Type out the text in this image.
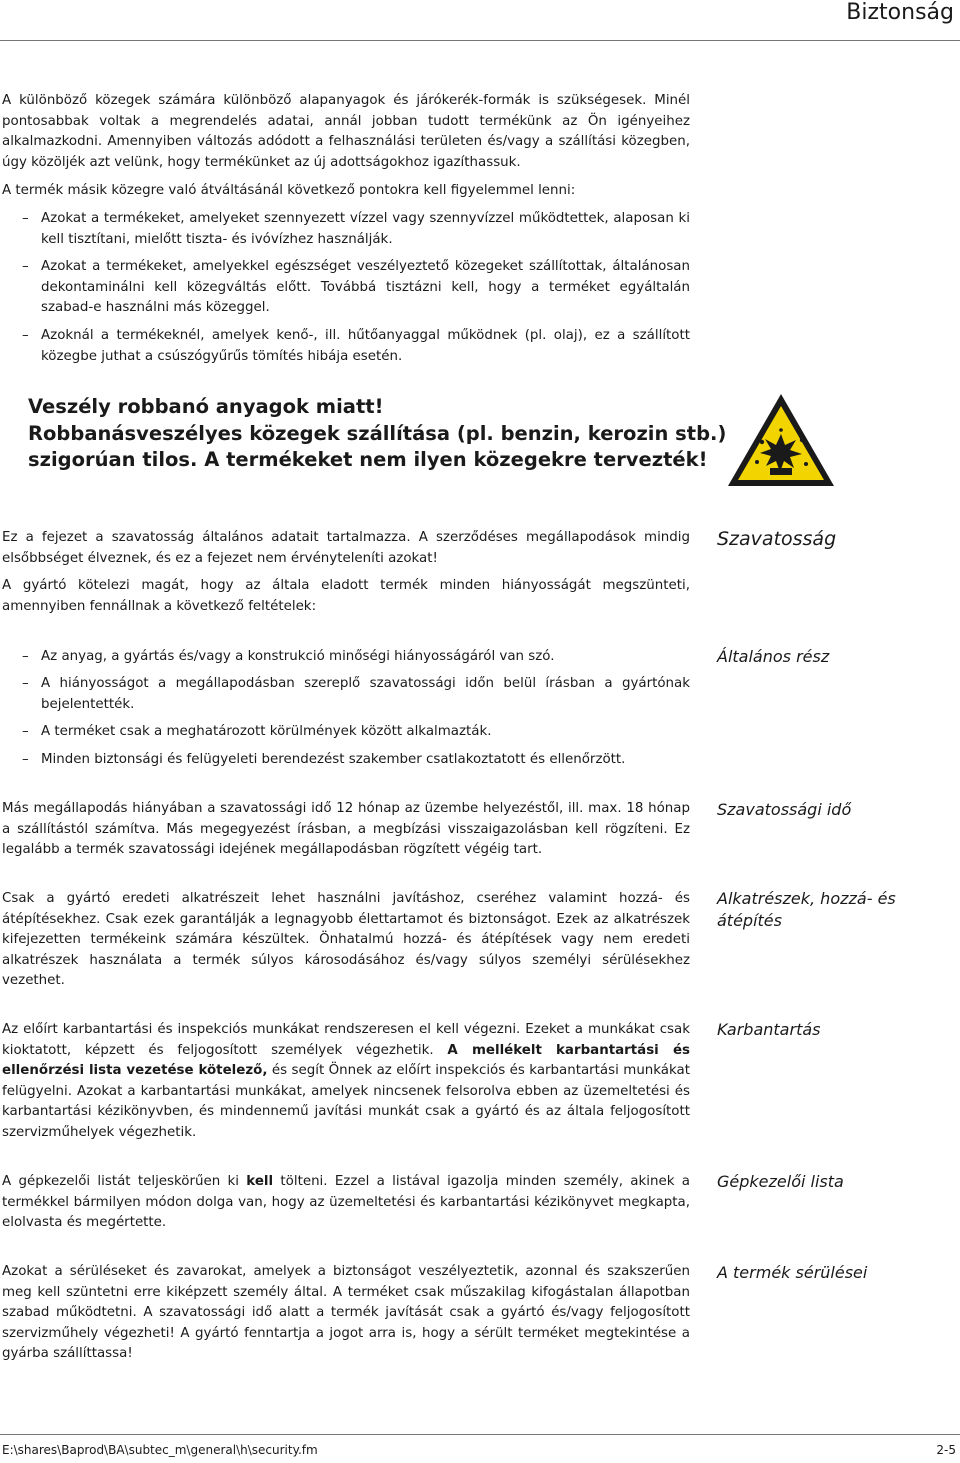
Biztonság
A különböző közegek számára különböző alapanyagok és járókerék-formák is szükségesek. Minél pontosabbak voltak a megrendelés adatai, annál jobban tudott termékünk az Ön igényeihez alkalmazkodni. Amennyiben változás adódott a felhasználási területen és/vagy a szállítási közegben, úgy közöljék azt velünk, hogy termékünket az új adottságokhoz igazíthassuk.
A termék másik közegre való átváltásánál következő pontokra kell figyelemmel lenni:
– Azokat a termékeket, amelyeket szennyezett vízzel vagy szennyvízzel működtettek, alaposan ki kell tisztítani, mielőtt tiszta- és ivóvízhez használják.
– Azokat a termékeket, amelyekkel egészséget veszélyeztető közegeket szállítottak, általánosan dekontaminálni kell közegváltás előtt. Továbbá tisztázni kell, hogy a terméket egyáltalán szabad-e használni más közeggel.
– Azoknál a termékeknél, amelyek kenő-, ill. hűtőanyaggal működnek (pl. olaj), ez a szállított közegbe juthat a csúszógyűrűs tömítés hibája esetén.
Veszély robbanó anyagok miatt!
Robbanásveszélyes közegek szállítása (pl. benzin, kerozin stb.)
szigorúan tilos. A termékeket nem ilyen közegekre tervezték!
Szavatosság
Ez a fejezet a szavatosság általános adatait tartalmazza. A szerződéses megállapodások mindig elsőbbséget élveznek, és ez a fejezet nem érvényteleníti azokat!
A gyártó kötelezi magát, hogy az általa eladott termék minden hiányosságát megszünteti, amennyiben fennállnak a következő feltételek:
Általános rész
– Az anyag, a gyártás és/vagy a konstrukció minőségi hiányosságáról van szó.
– A hiányosságot a megállapodásban szereplő szavatossági időn belül írásban a gyártónak bejelentették.
– A terméket csak a meghatározott körülmények között alkalmazták.
– Minden biztonsági és felügyeleti berendezést szakember csatlakoztatott és ellenőrzött.
Szavatossági idő
Más megállapodás hiányában a szavatossági idő 12 hónap az üzembe helyezéstől, ill. max. 18 hónap a szállítástól számítva. Más megegyezést írásban, a megbízási visszaigazolásban kell rögzíteni. Ez legalább a termék szavatossági idejének megállapodásban rögzített végéig tart.
Alkatrészek, hozzá- és átépítés
Csak a gyártó eredeti alkatrészeit lehet használni javításhoz, cseréhez valamint hozzá- és átépítésekhez. Csak ezek garantálják a legnagyobb élettartamot és biztonságot. Ezek az alkatrészek kifejezetten termékeink számára készültek. Önhatalmú hozzá- és átépítések vagy nem eredeti alkatrészek használata a termék súlyos károsodásához és/vagy súlyos személyi sérülésekhez vezethet.
Karbantartás
Az előírt karbantartási és inspekciós munkákat rendszeresen el kell végezni. Ezeket a munkákat csak kioktatott, képzett és feljogosított személyek végezhetik. A mellékelt karbantartási és ellenőrzési lista vezetése kötelező, és segít Önnek az előírt inspekciós és karbantartási munkákat felügyelni. Azokat a karbantartási munkákat, amelyek nincsenek felsorolva ebben az üzemeltetési és karbantartási kézikönyvben, és mindennemű javítási munkát csak a gyártó és az általa feljogosított szervizműhelyek végezhetik.
Gépkezelői lista
A gépkezelői listát teljeskörűen ki kell tölteni. Ezzel a listával igazolja minden személy, akinek a termékkel bármilyen módon dolga van, hogy az üzemeltetési és karbantartási kézikönyvet megkapta, elolvasta és megértette.
A termék sérülései
Azokat a sérüléseket és zavarokat, amelyek a biztonságot veszélyeztetik, azonnal és szakszerűen meg kell szüntetni erre kiképzett személy által. A terméket csak műszakilag kifogástalan állapotban szabad működtetni. A szavatossági idő alatt a termék javítását csak a gyártó és/vagy feljogosított szervizműhely végezheti! A gyártó fenntartja a jogot arra is, hogy a sérült terméket megtekintése a gyárba szállíttassa!
E:\shares\Baprod\BA\subtec_m\general\h\security.fm	2-5
